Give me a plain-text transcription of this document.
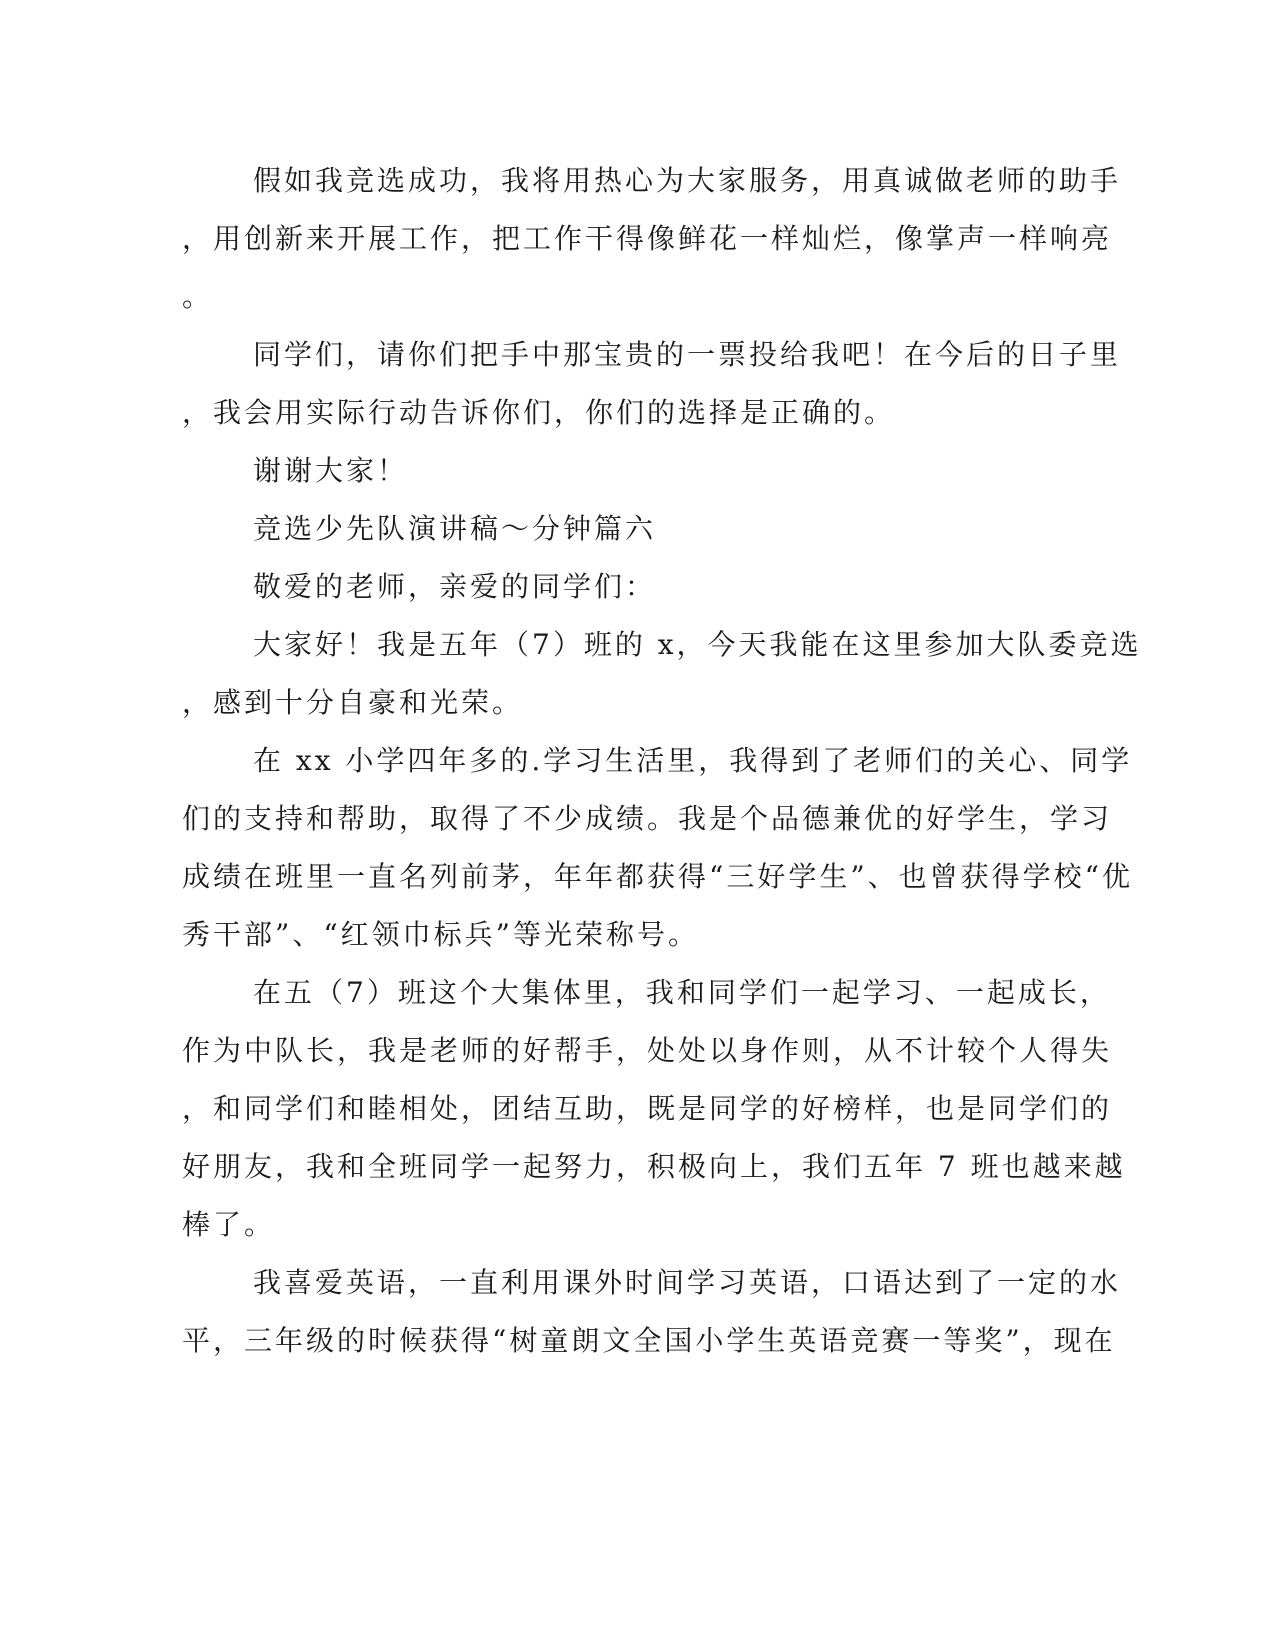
假如我竞选成功，我将用热心为大家服务，用真诚做老师的助手
，用创新来开展工作，把工作干得像鲜花一样灿烂，像掌声一样响亮
。
同学们，请你们把手中那宝贵的一票投给我吧！在今后的日子里
，我会用实际行动告诉你们，你们的选择是正确的。
谢谢大家！
竞选少先队演讲稿～分钟篇六
敬爱的老师，亲爱的同学们：
大家好！我是五年（7）班的 x，今天我能在这里参加大队委竞选
，感到十分自豪和光荣。
在 xx 小学四年多的.学习生活里，我得到了老师们的关心、同学
们的支持和帮助，取得了不少成绩。我是个品德兼优的好学生，学习
成绩在班里一直名列前茅，年年都获得“三好学生”、也曾获得学校“优
秀干部”、“红领巾标兵”等光荣称号。
在五（7）班这个大集体里，我和同学们一起学习、一起成长，
作为中队长，我是老师的好帮手，处处以身作则，从不计较个人得失
，和同学们和睦相处，团结互助，既是同学的好榜样，也是同学们的
好朋友，我和全班同学一起努力，积极向上，我们五年 7 班也越来越
棒了。
我喜爱英语，一直利用课外时间学习英语，口语达到了一定的水
平，三年级的时候获得“树童朗文全国小学生英语竞赛一等奖”，现在
